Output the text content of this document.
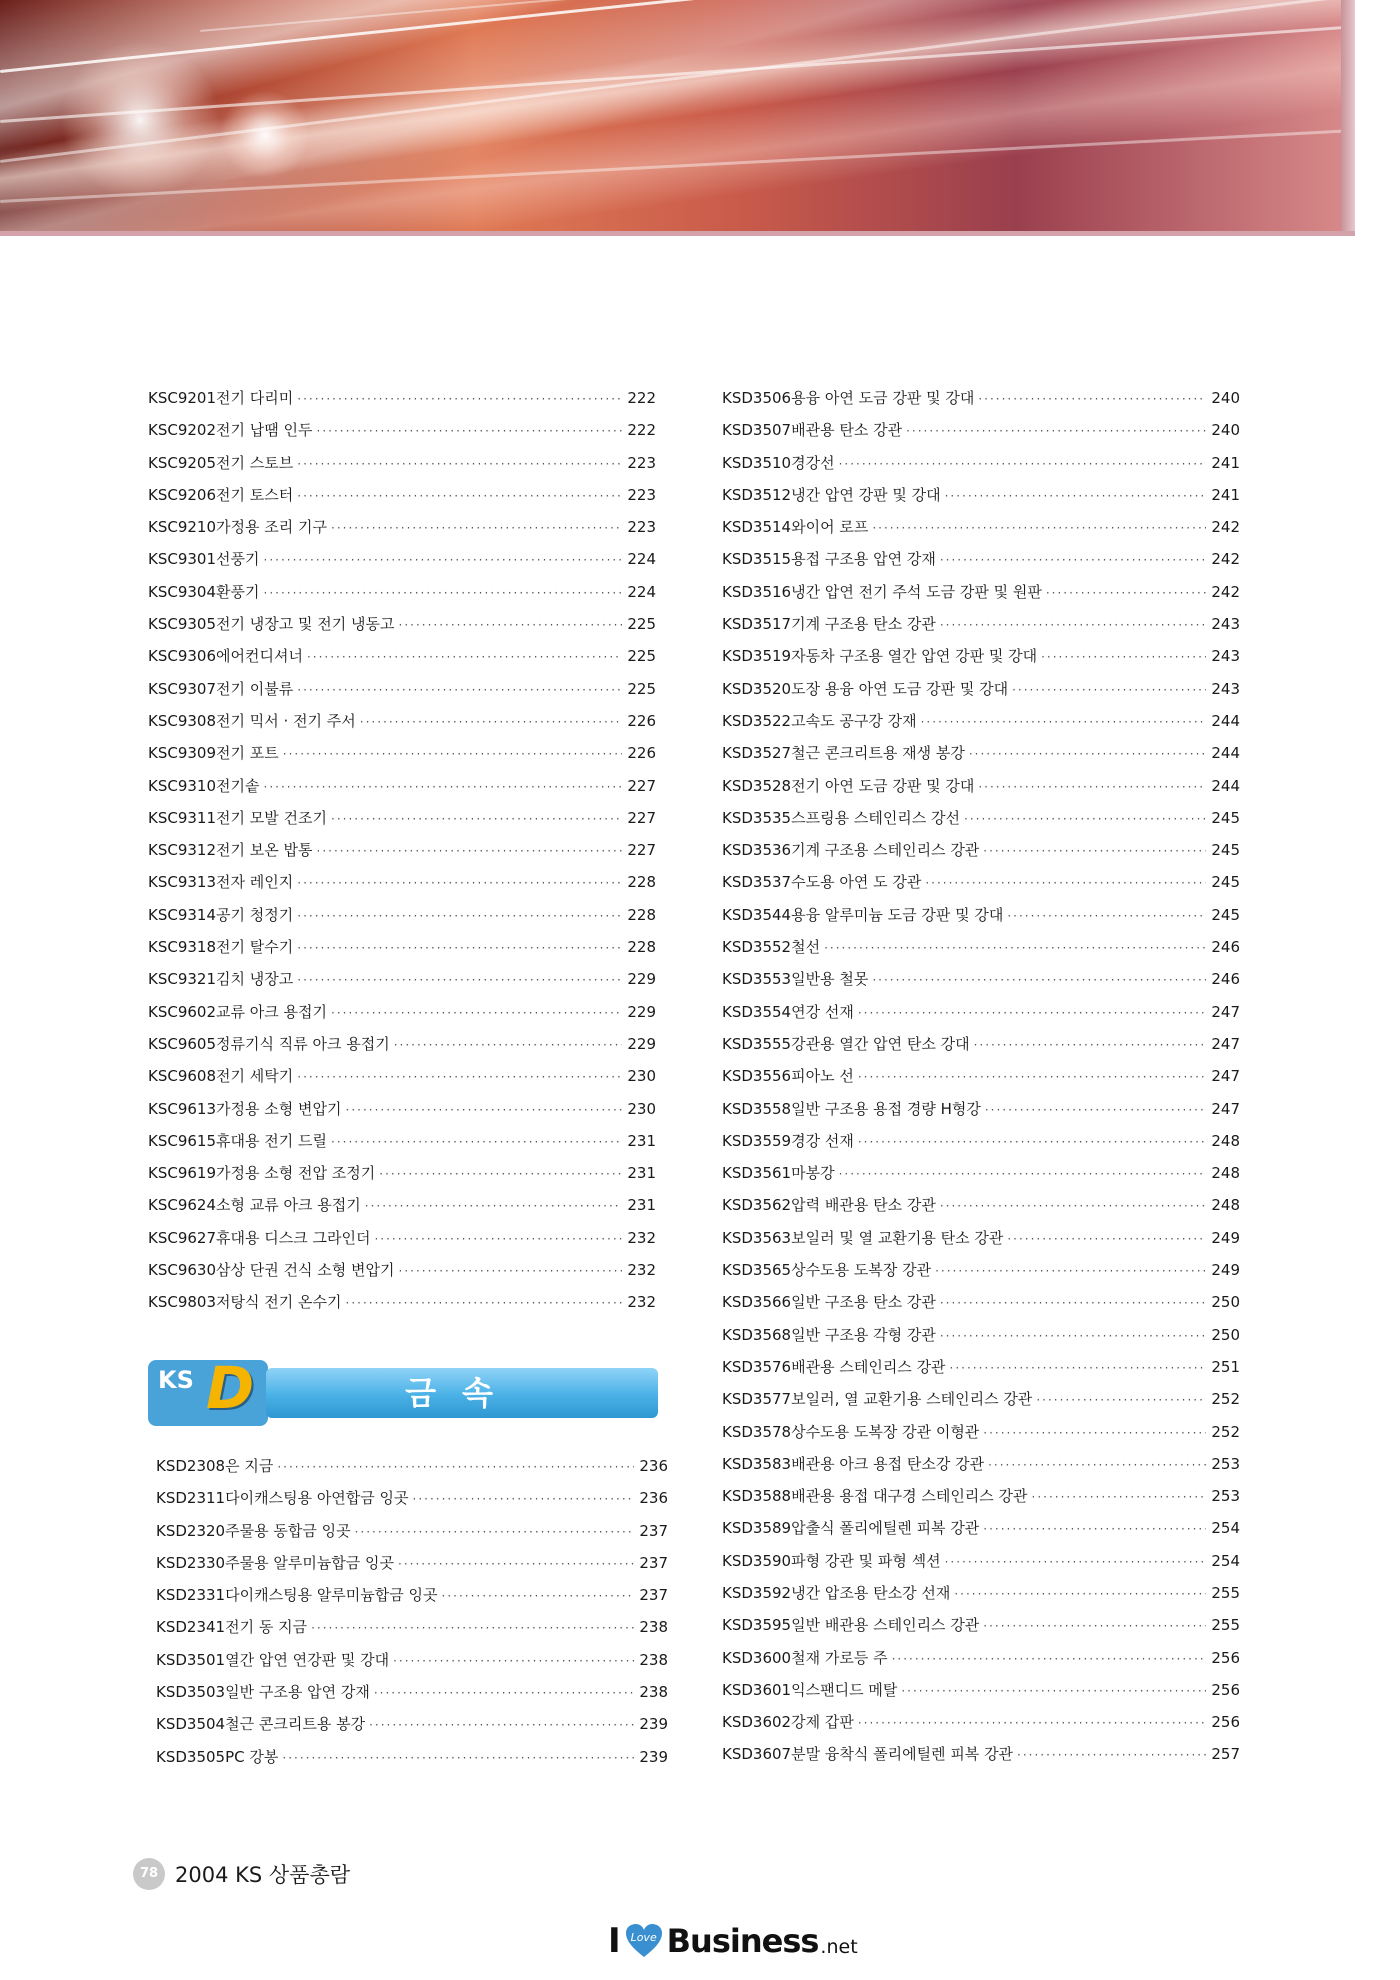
KS C 9201 전기 다리미 ·····	222
KS C 9202 전기 납땜 인두 ·····	222
KS C 9205 전기 스토브 ·····	223
KS C 9206 전기 토스터 ·····	223
KS C 9210 가정용 조리 기구 ·····	223
KS C 9301 선풍기 ·····	224
KS C 9304 환풍기 ·····	224
KS C 9305 전기 냉장고 및 전기 냉동고 ·····	225
KS C 9306 에어컨디셔너 ·····	225
KS C 9307 전기 이불류 ·····	225
KS C 9308 전기 믹서 · 전기 주서 ·····	226
KS C 9309 전기 포트 ·····	226
KS C 9310 전기솥 ·····	227
KS C 9311 전기 모발 건조기 ·····	227
KS C 9312 전기 보온 밥통 ·····	227
KS C 9313 전자 레인지 ·····	228
KS C 9314 공기 청정기 ·····	228
KS C 9318 전기 탈수기 ·····	228
KS C 9321 김치 냉장고 ·····	229
KS C 9602 교류 아크 용접기 ·····	229
KS C 9605 정류기식 직류 아크 용접기 ·····	229
KS C 9608 전기 세탁기 ·····	230
KS C 9613 가정용 소형 변압기 ·····	230
KS C 9615 휴대용 전기 드릴 ·····	231
KS C 9619 가정용 소형 전압 조정기 ·····	231
KS C 9624 소형 교류 아크 용접기 ·····	231
KS C 9627 휴대용 디스크 그라인더 ·····	232
KS C 9630 삼상 단권 건식 소형 변압기 ·····	232
KS C 9803 저탕식 전기 온수기 ·····	232
KS D	금속
KS D 2308 은 지금 ·····	236
KS D 2311 다이캐스팅용 아연합금 잉곳 ·····	236
KS D 2320 주물용 동합금 잉곳 ·····	237
KS D 2330 주물용 알루미늄합금 잉곳 ·····	237
KS D 2331 다이캐스팅용 알루미늄합금 잉곳 ·····	237
KS D 2341 전기 동 지금 ·····	238
KS D 3501 열간 압연 연강판 및 강대 ·····	238
KS D 3503 일반 구조용 압연 강재 ·····	238
KS D 3504 철근 콘크리트용 봉강 ·····	239
KS D 3505 PC 강봉 ·····	239
KS D 3506 용융 아연 도금 강판 및 강대 ·····	240
KS D 3507 배관용 탄소 강관 ·····	240
KS D 3510 경강선 ·····	241
KS D 3512 냉간 압연 강판 및 강대 ·····	241
KS D 3514 와이어 로프 ·····	242
KS D 3515 용접 구조용 압연 강재 ·····	242
KS D 3516 냉간 압연 전기 주석 도금 강판 및 원판 ·····	242
KS D 3517 기계 구조용 탄소 강관 ·····	243
KS D 3519 자동차 구조용 열간 압연 강판 및 강대 ·····	243
KS D 3520 도장 용융 아연 도금 강판 및 강대 ·····	243
KS D 3522 고속도 공구강 강재 ·····	244
KS D 3527 철근 콘크리트용 재생 봉강 ·····	244
KS D 3528 전기 아연 도금 강판 및 강대 ·····	244
KS D 3535 스프링용 스테인리스 강선 ·····	245
KS D 3536 기계 구조용 스테인리스 강관 ·····	245
KS D 3537 수도용 아연 도 강관 ·····	245
KS D 3544 용융 알루미늄 도금 강판 및 강대 ·····	245
KS D 3552 철선 ·····	246
KS D 3553 일반용 철못 ·····	246
KS D 3554 연강 선재 ·····	247
KS D 3555 강관용 열간 압연 탄소 강대 ·····	247
KS D 3556 피아노 선 ·····	247
KS D 3558 일반 구조용 용접 경량 H형강 ·····	247
KS D 3559 경강 선재 ·····	248
KS D 3561 마봉강 ·····	248
KS D 3562 압력 배관용 탄소 강관 ·····	248
KS D 3563 보일러 및 열 교환기용 탄소 강관 ·····	249
KS D 3565 상수도용 도복장 강관 ·····	249
KS D 3566 일반 구조용 탄소 강관 ·····	250
KS D 3568 일반 구조용 각형 강관 ·····	250
KS D 3576 배관용 스테인리스 강관 ·····	251
KS D 3577 보일러, 열 교환기용 스테인리스 강관 ·····	252
KS D 3578 상수도용 도복장 강관 이형관 ·····	252
KS D 3583 배관용 아크 용접 탄소강 강관 ·····	253
KS D 3588 배관용 용접 대구경 스테인리스 강관 ·····	253
KS D 3589 압출식 폴리에틸렌 피복 강관 ·····	254
KS D 3590 파형 강관 및 파형 섹션 ·····	254
KS D 3592 냉간 압조용 탄소강 선재 ·····	255
KS D 3595 일반 배관용 스테인리스 강관 ·····	255
KS D 3600 철재 가로등 주 ·····	256
KS D 3601 익스팬디드 메탈 ·····	256
KS D 3602 강제 갑판 ·····	256
KS D 3607 분말 융착식 폴리에틸렌 피복 강관 ·····	257
78 2004 KS 상품총람
I Love Business .net
